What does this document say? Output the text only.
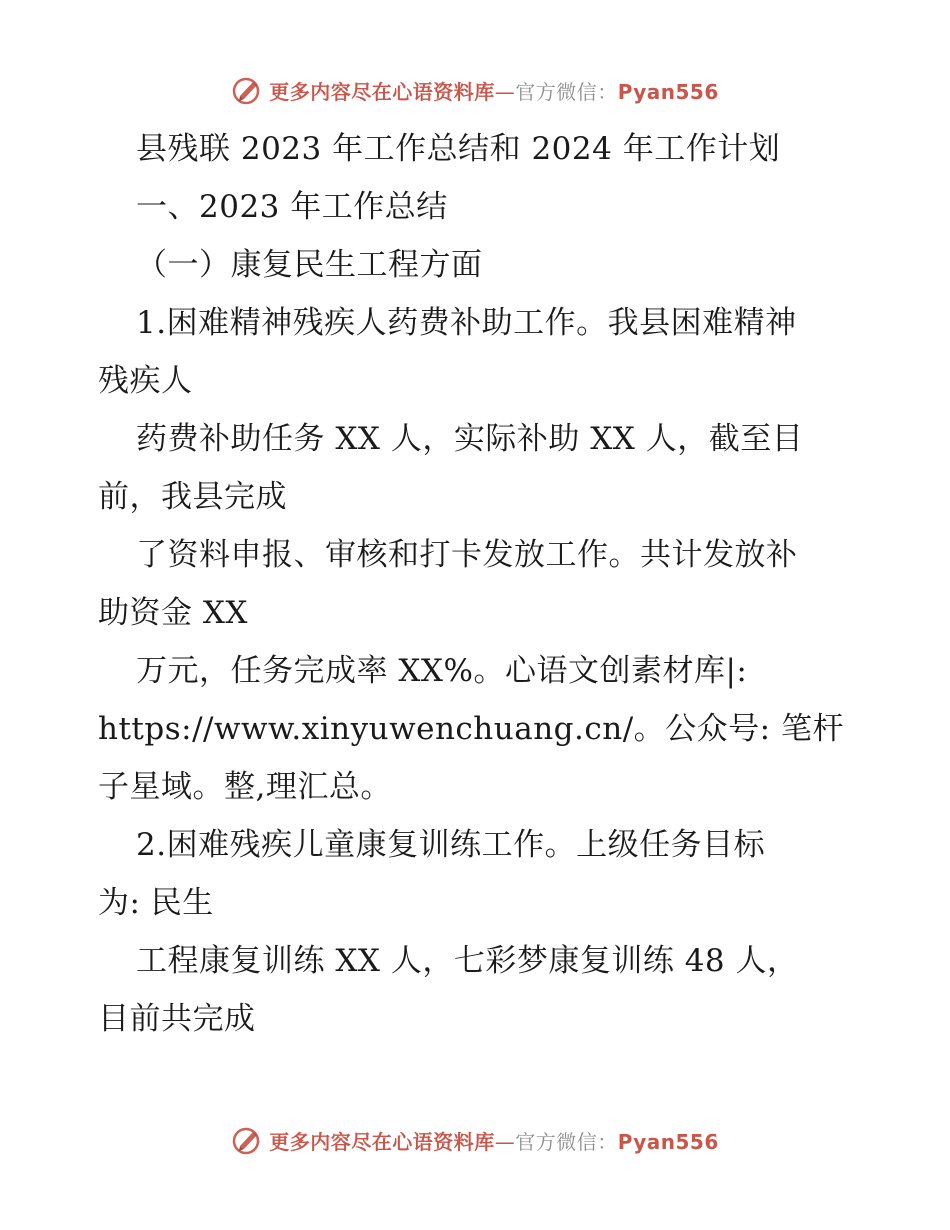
更多内容尽在心语资料库—官方微信：Pyan556
县残联 2023 年工作总结和 2024 年工作计划
一、2023 年工作总结
（一）康复民生工程方面
1.困难精神残疾人药费补助工作。我县困难精神
残疾人
药费补助任务 XX 人，实际补助 XX 人，截至目
前，我县完成
了资料申报、审核和打卡发放工作。共计发放补
助资金 XX
万元，任务完成率 XX%。心语文创素材库|:
https://www.xinyuwenchuang.cn/。公众号: 笔杆
子星域。整,理汇总。
2.困难残疾儿童康复训练工作。上级任务目标
为: 民生
工程康复训练 XX 人，七彩梦康复训练 48 人，
目前共完成
更多内容尽在心语资料库—官方微信：Pyan556
